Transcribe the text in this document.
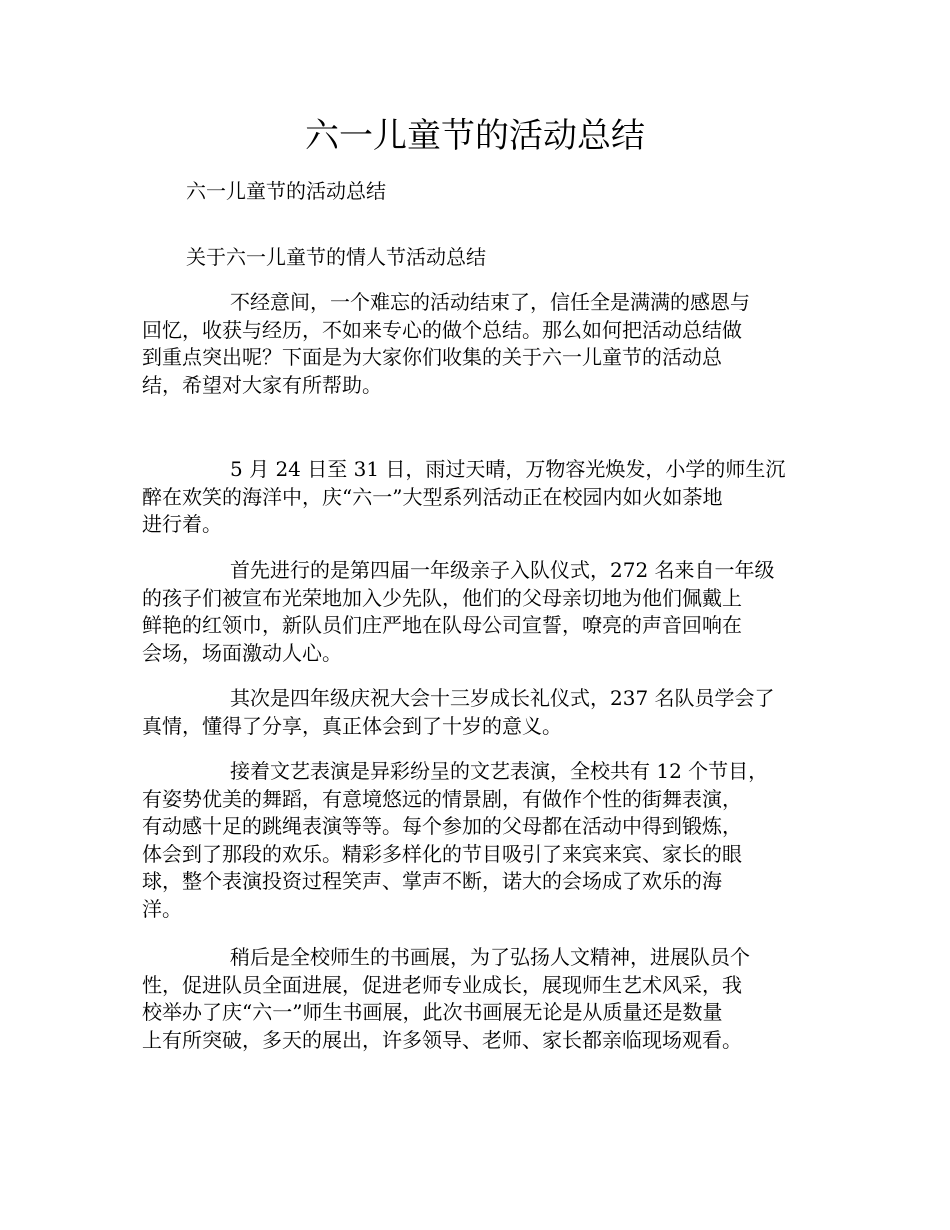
六一儿童节的活动总结

六一儿童节的活动总结

关于六一儿童节的情人节活动总结

不经意间，一个难忘的活动结束了，信任全是满满的感恩与
回忆，收获与经历，不如来专心的做个总结。那么如何把活动总结做
到重点突出呢？下面是为大家你们收集的关于六一儿童节的活动总
结，希望对大家有所帮助。

5 月 24 日至 31 日，雨过天晴，万物容光焕发，小学的师生沉
醉在欢笑的海洋中，庆“六一”大型系列活动正在校园内如火如荼地
进行着。

首先进行的是第四届一年级亲子入队仪式，272 名来自一年级
的孩子们被宣布光荣地加入少先队，他们的父母亲切地为他们佩戴上
鲜艳的红领巾，新队员们庄严地在队母公司宣誓，嘹亮的声音回响在
会场，场面激动人心。

其次是四年级庆祝大会十三岁成长礼仪式，237 名队员学会了
真情，懂得了分享，真正体会到了十岁的意义。

接着文艺表演是异彩纷呈的文艺表演，全校共有 12 个节目，
有姿势优美的舞蹈，有意境悠远的情景剧，有做作个性的街舞表演，
有动感十足的跳绳表演等等。每个参加的父母都在活动中得到锻炼，
体会到了那段的欢乐。精彩多样化的节目吸引了来宾来宾、家长的眼
球，整个表演投资过程笑声、掌声不断，诺大的会场成了欢乐的海
洋。

稍后是全校师生的书画展，为了弘扬人文精神，进展队员个
性，促进队员全面进展，促进老师专业成长，展现师生艺术风采，我
校举办了庆“六一”师生书画展，此次书画展无论是从质量还是数量
上有所突破，多天的展出，许多领导、老师、家长都亲临现场观看。
